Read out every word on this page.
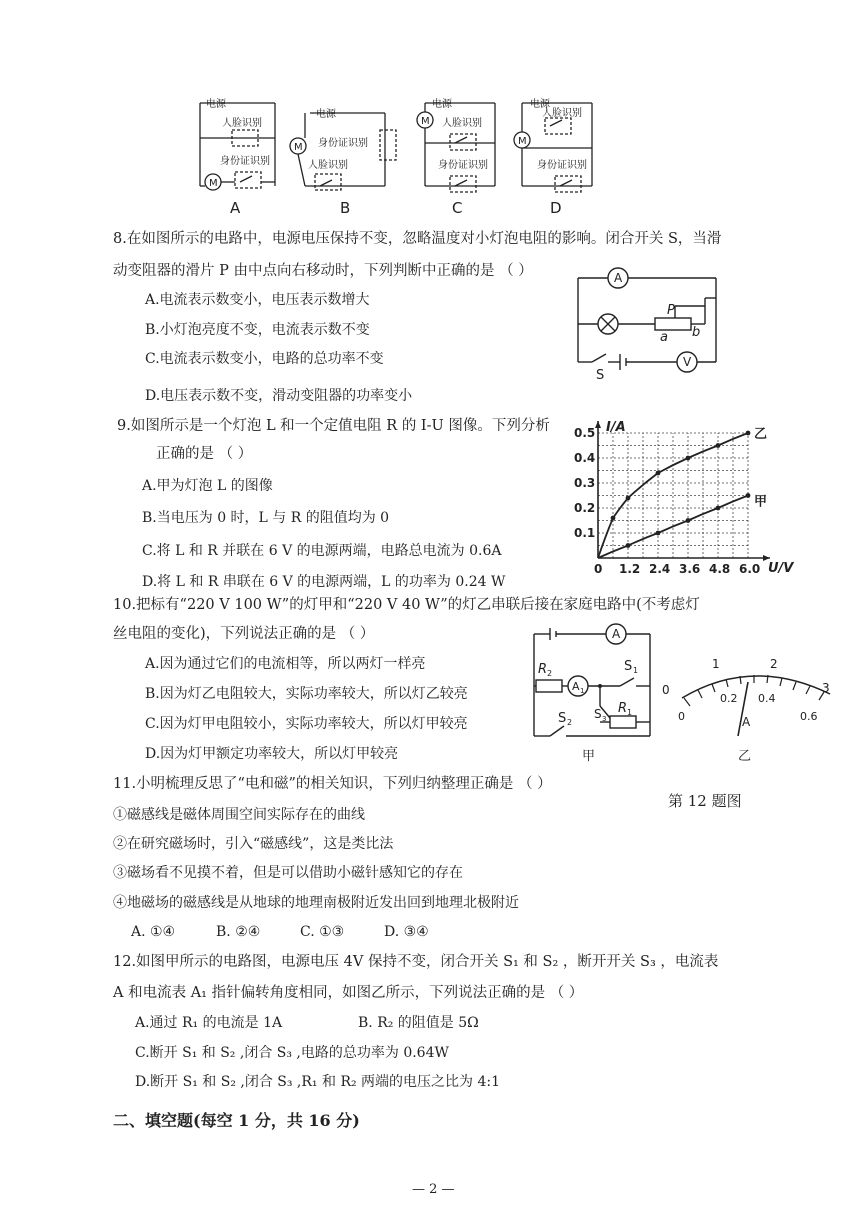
电源
人脸识别
身份证识别
M
电源
身份证识别
人脸识别
M
电源
人脸识别
身份证识别
M
电源
人脸识别
身份证识别
M
A	B	C	D
8.在如图所示的电路中，电源电压保持不变，忽略温度对小灯泡电阻的影响。闭合开关 S，当滑
动变阻器的滑片 P 由中点向右移动时，下列判断中正确的是 （ ）
A.电流表示数变小，电压表示数增大
B.小灯泡亮度不变，电流表示数不变
C.电流表示数变小，电路的总功率不变
D.电压表示数不变，滑动变阻器的功率变小
A
V
P
a b
S
9.如图所示是一个灯泡 L 和一个定值电阻 R 的 I-U 图像。下列分析
正确的是 （ ）
A.甲为灯泡 L 的图像
B.当电压为 0 时，L 与 R 的阻值均为 0
C.将 L 和 R 并联在 6 V 的电源两端，电路总电流为 0.6A
D.将 L 和 R 串联在 6 V 的电源两端，L 的功率为 0.24 W
乙
甲
I/A
U/V
0 1.2 2.4 3.6 4.8 6.0
0.1
0.2
0.3
0.4
0.5
10.把标有“220 V 100 W”的灯甲和“220 V 40 W”的灯乙串联后接在家庭电路中(不考虑灯
丝电阻的变化)，下列说法正确的是 （ ）
A.因为通过它们的电流相等，所以两灯一样亮
B.因为灯乙电阻较大，实际功率较大，所以灯乙较亮
C.因为灯甲电阻较小，实际功率较大，所以灯甲较亮
D.因为灯甲额定功率较大，所以灯甲较亮
A
A 1
R 2	S 1
S 3
R 1
S 2
甲
1	2
3
0
0
0.2 0.4
0.6
A
乙
第 12 题图
11.小明梳理反思了“电和磁”的相关知识，下列归纳整理正确是 （ ）
①磁感线是磁体周围空间实际存在的曲线
②在研究磁场时，引入“磁感线”，这是类比法
③磁场看不见摸不着，但是可以借助小磁针感知它的存在
④地磁场的磁感线是从地球的地理南极附近发出回到地理北极附近
A. ①④	B. ②④	C. ①③	D. ③④
12.如图甲所示的电路图，电源电压 4V 保持不变，闭合开关 S₁ 和 S₂ ，断开开关 S₃ ，电流表
A 和电流表 A₁ 指针偏转角度相同，如图乙所示，下列说法正确的是 （ ）
A.通过 R₁ 的电流是 1A	B. R₂ 的阻值是 5Ω
C.断开 S₁ 和 S₂ ,闭合 S₃ ,电路的总功率为 0.64W
D.断开 S₁ 和 S₂ ,闭合 S₃ ,R₁ 和 R₂ 两端的电压之比为 4:1
二、填空题(每空 1 分，共 16 分)
— 2 —
